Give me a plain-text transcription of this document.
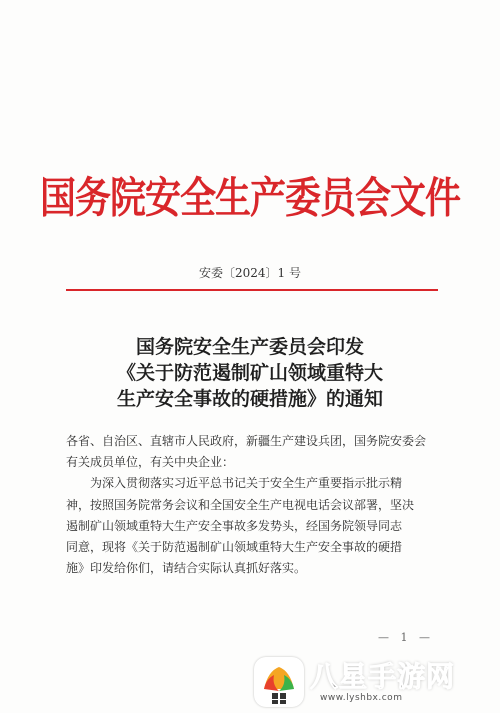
国务院安全生产委员会文件
安委〔2024〕1 号
国务院安全生产委员会印发
《关于防范遏制矿山领域重特大
生产安全事故的硬措施》的通知

各省、自治区、直辖市人民政府，新疆生产建设兵团，国务院安委会

有关成员单位，有关中央企业：

为深入贯彻落实习近平总书记关于安全生产重要指示批示精

神，按照国务院常务会议和全国安全生产电视电话会议部署，坚决

遏制矿山领域重特大生产安全事故多发势头，经国务院领导同志

同意，现将《关于防范遏制矿山领域重特大生产安全事故的硬措

施》印发给你们，请结合实际认真抓好落实。

— 1 —
八星手游网
www.lyshbx.com
